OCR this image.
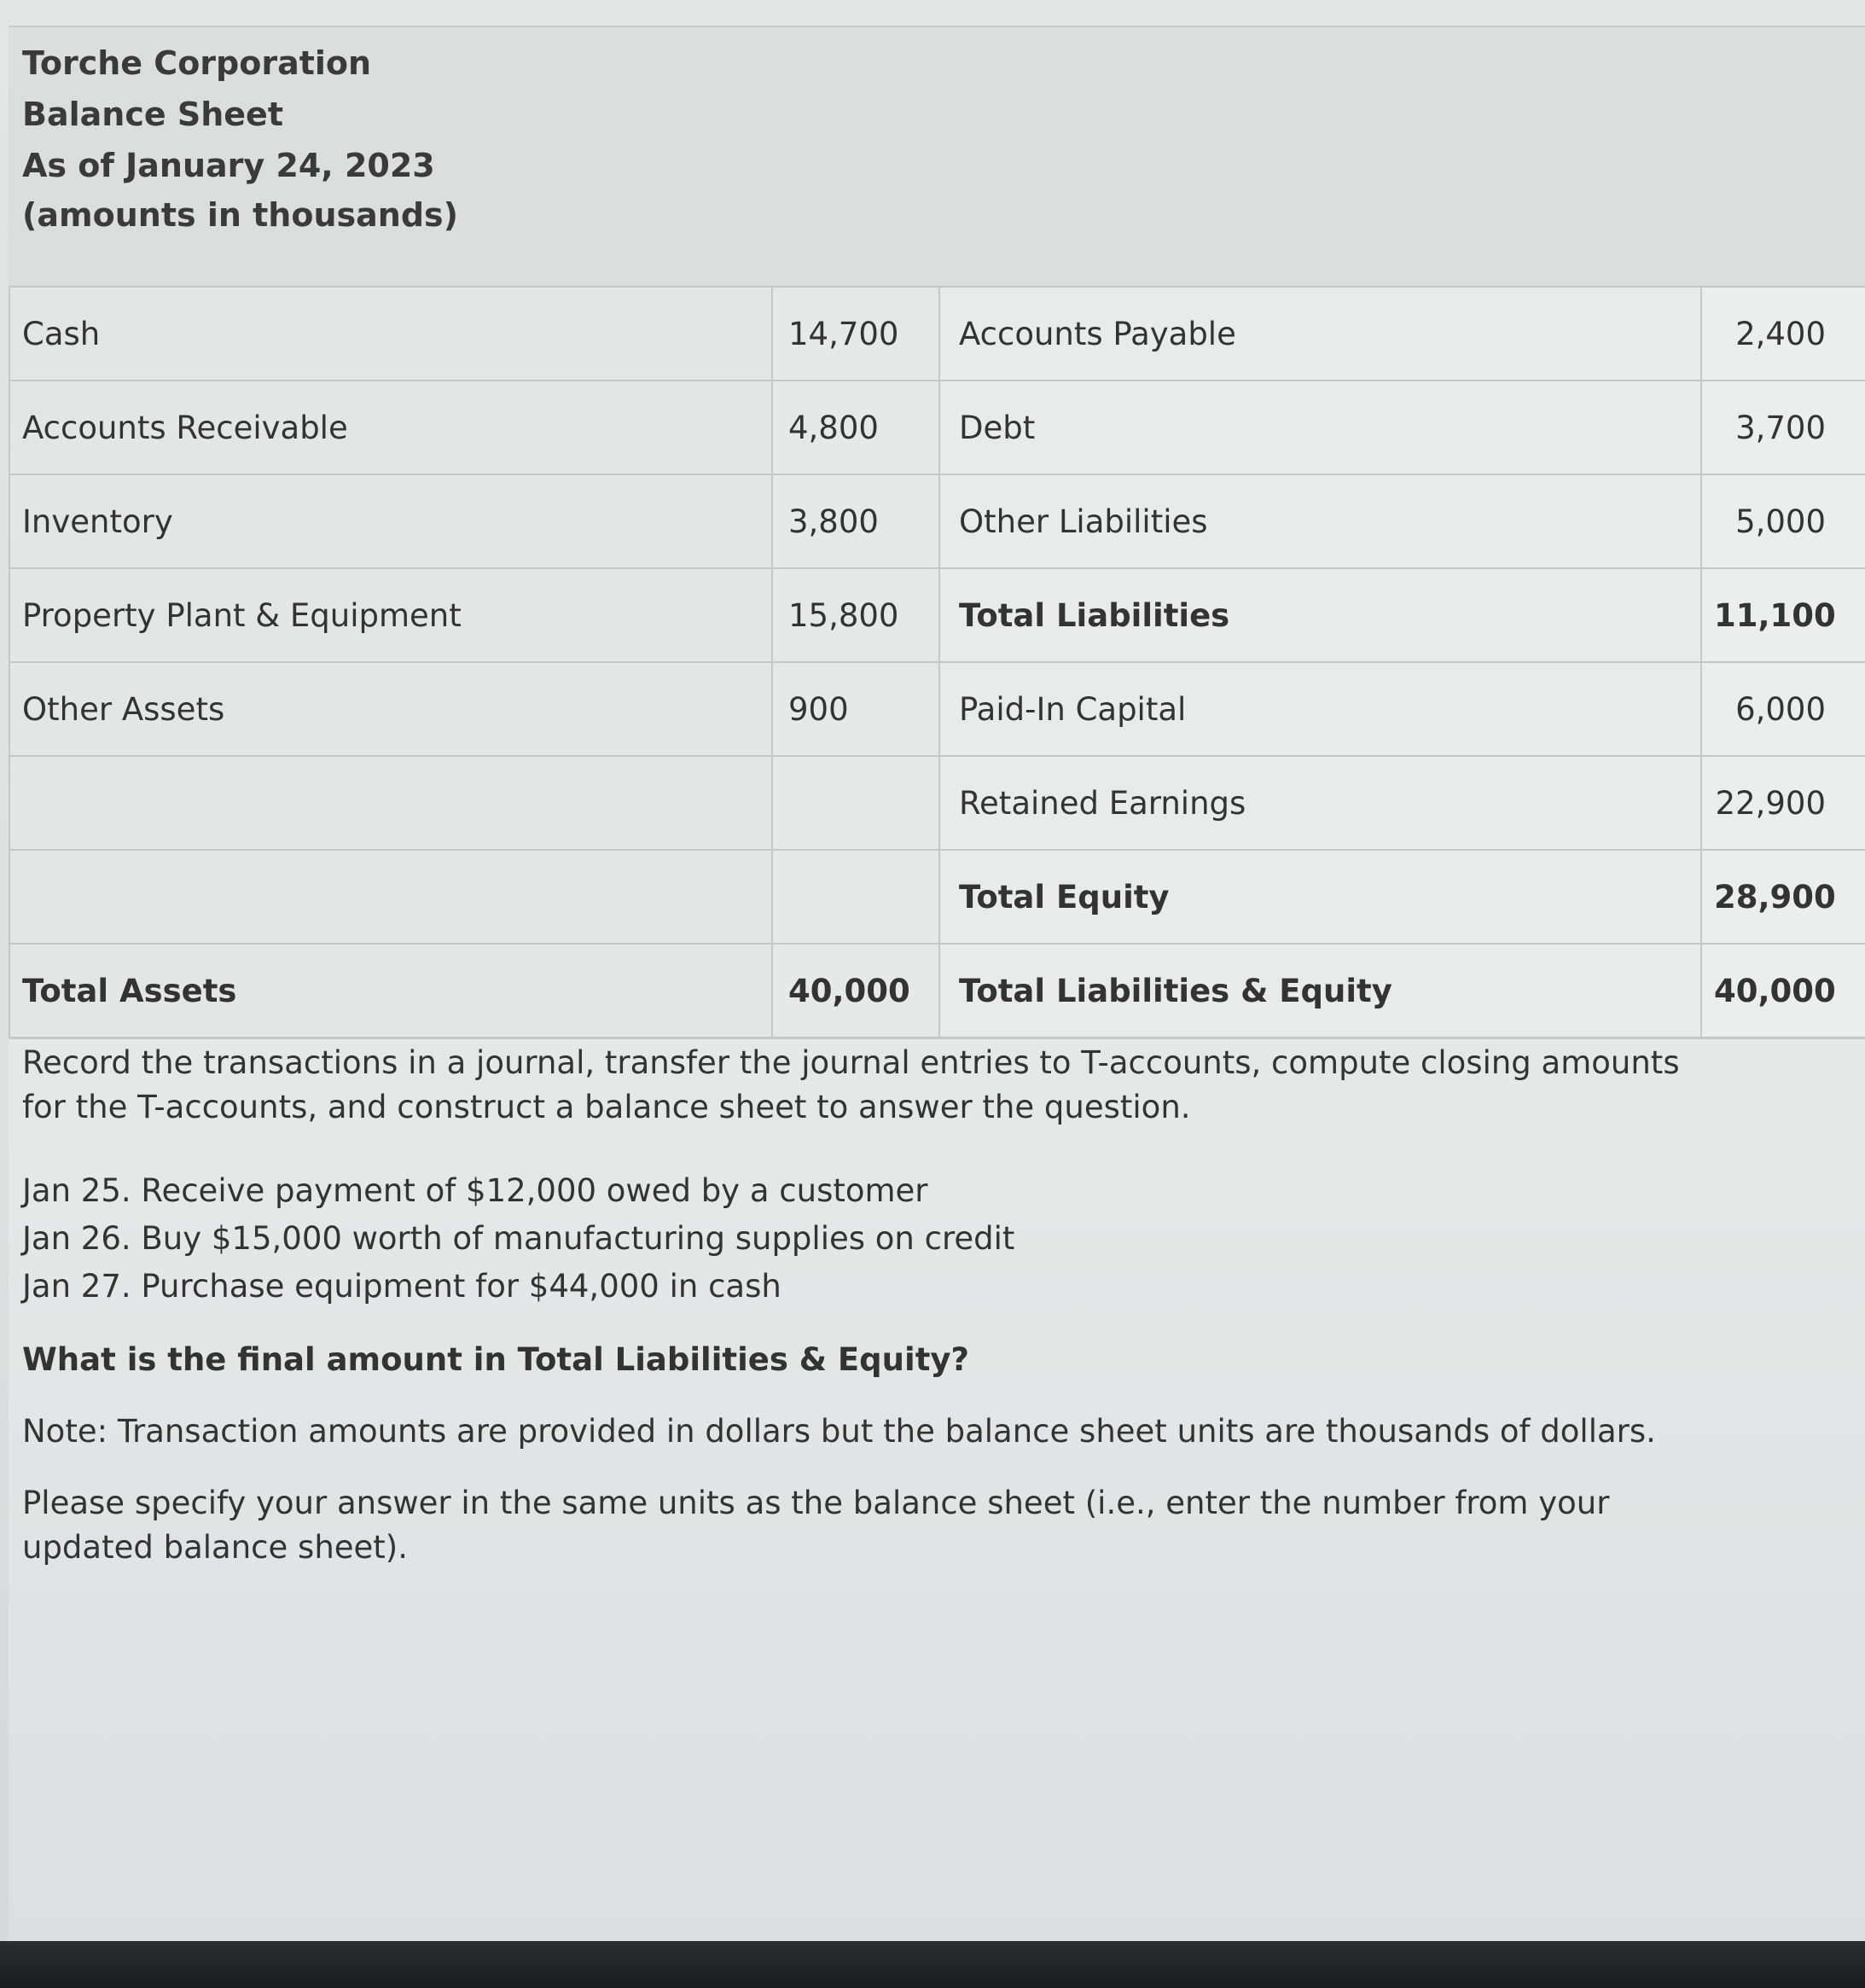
Torche Corporation
Balance Sheet
As of January 24, 2023
(amounts in thousands)
Cash	14,700	Accounts Payable	2,400
Accounts Receivable	4,800	Debt	3,700
Inventory	3,800	Other Liabilities	5,000
Property Plant & Equipment	15,800	Total Liabilities	11,100
Other Assets	900	Paid-In Capital	6,000
		Retained Earnings	22,900
		Total Equity	28,900
Total Assets	40,000	Total Liabilities & Equity	40,000
Record the transactions in a journal, transfer the journal entries to T-accounts, compute closing amounts
for the T-accounts, and construct a balance sheet to answer the question.
Jan 25. Receive payment of $12,000 owed by a customer
Jan 26. Buy $15,000 worth of manufacturing supplies on credit
Jan 27. Purchase equipment for $44,000 in cash
What is the final amount in Total Liabilities & Equity?
Note: Transaction amounts are provided in dollars but the balance sheet units are thousands of dollars.
Please specify your answer in the same units as the balance sheet (i.e., enter the number from your
updated balance sheet).
